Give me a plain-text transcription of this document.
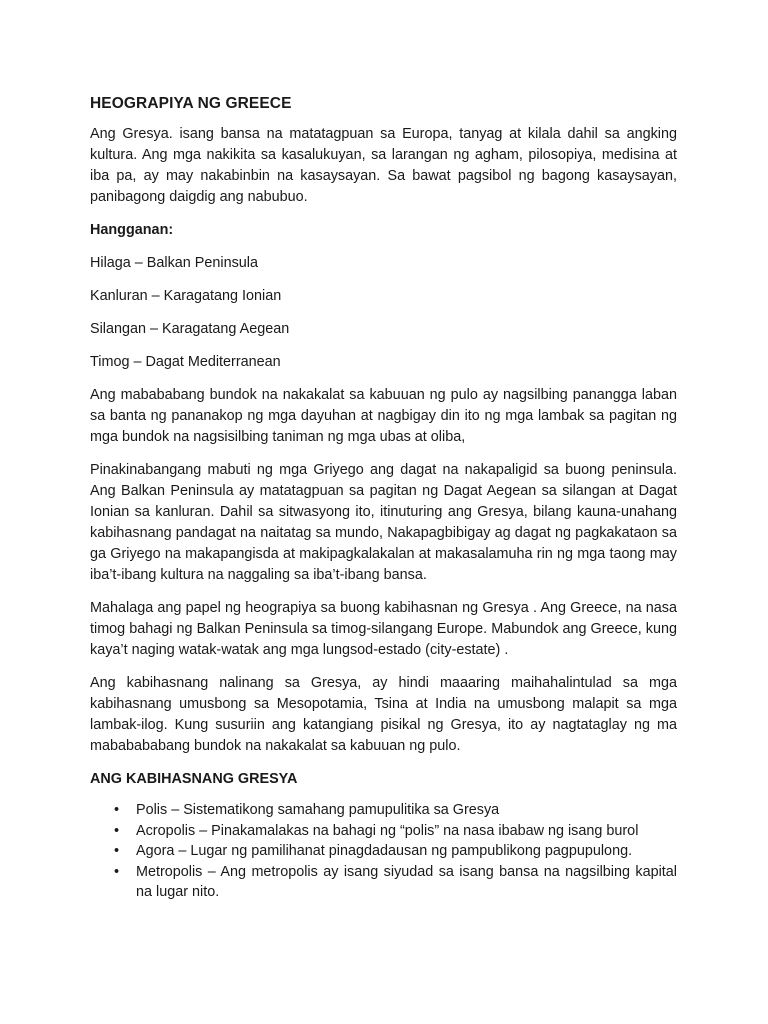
HEOGRAPIYA NG GREECE

Ang Gresya. isang bansa na matatagpuan sa Europa, tanyag at kilala dahil sa angking kultura. Ang mga nakikita sa kasalukuyan, sa larangan ng agham, pilosopiya, medisina at iba pa, ay may nakabinbin na kasaysayan. Sa bawat pagsibol ng bagong kasaysayan, panibagong daigdig ang nabubuo.

Hangganan:
Hilaga – Balkan Peninsula
Kanluran – Karagatang Ionian
Silangan – Karagatang Aegean
Timog – Dagat Mediterranean

Ang mabababang bundok na nakakalat sa kabuuan ng pulo ay nagsilbing panangga laban sa banta ng pananakop ng mga dayuhan at nagbigay din ito ng mga lambak sa pagitan ng mga bundok na nagsisilbing taniman ng mga ubas at oliba,

Pinakinabangang mabuti ng mga Griyego ang dagat na nakapaligid sa buong peninsula. Ang Balkan Peninsula ay matatagpuan sa pagitan ng Dagat Aegean sa silangan at Dagat Ionian sa kanluran. Dahil sa sitwasyong ito, itinuturing ang Gresya, bilang kauna-unahang kabihasnang pandagat na naitatag sa mundo, Nakapagbibigay ag dagat ng pagkakataon sa ga Griyego na makapangisda at makipagkalakalan at makasalamuha rin ng mga taong may iba’t-ibang kultura na naggaling sa iba’t-ibang bansa.

Mahalaga ang papel ng heograpiya sa buong kabihasnan ng Gresya . Ang Greece, na nasa timog bahagi ng Balkan Peninsula sa timog-silangang Europe. Mabundok ang Greece, kung kaya’t naging watak-watak ang mga lungsod-estado (city-estate) .

Ang kabihasnang nalinang sa Gresya, ay hindi maaaring maihahalintulad sa mga kabihasnang umusbong sa Mesopotamia, Tsina at India na umusbong malapit sa mga lambak-ilog. Kung susuriin ang katangiang pisikal ng Gresya, ito ay nagtataglay ng ma mababababang bundok na nakakalat sa kabuuan ng pulo.

ANG KABIHASNANG GRESYA
• Polis – Sistematikong samahang pamupulitika sa Gresya
• Acropolis – Pinakamalakas na bahagi ng “polis” na nasa ibabaw ng isang burol
• Agora – Lugar ng pamilihanat pinagdadausan ng pampublikong pagpupulong.
• Metropolis – Ang metropolis ay isang siyudad sa isang bansa na nagsilbing kapital na lugar nito.
